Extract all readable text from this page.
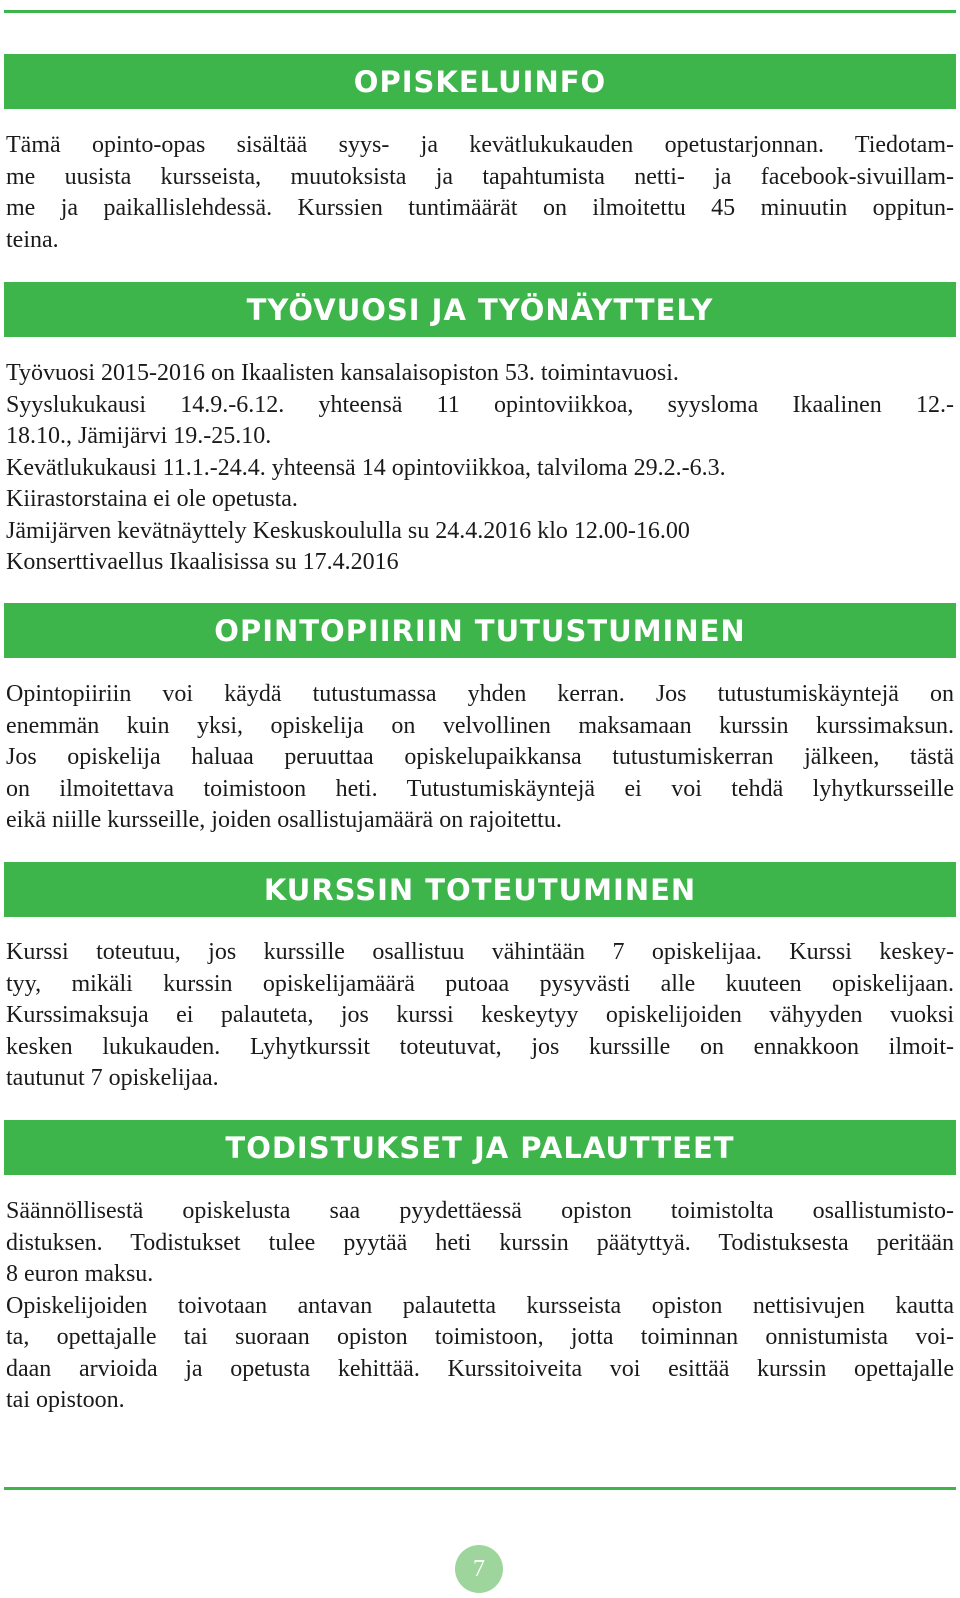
OPISKELUINFO
Tämä opinto-opas sisältää syys- ja kevätlukukauden opetustarjonnan. Tiedotam-
me uusista kursseista, muutoksista ja tapahtumista netti- ja facebook-sivuillam-
me ja paikallislehdessä. Kurssien tuntimäärät on ilmoitettu 45 minuutin oppitun-
teina.
TYÖVUOSI JA TYÖNÄYTTELY
Työvuosi 2015-2016 on Ikaalisten kansalaisopiston 53. toimintavuosi.
Syyslukukausi 14.9.-6.12. yhteensä 11 opintoviikkoa, syysloma Ikaalinen 12.-
18.10., Jämijärvi 19.-25.10.
Kevätlukukausi 11.1.-24.4. yhteensä 14 opintoviikkoa, talviloma 29.2.-6.3.
Kiirastorstaina ei ole opetusta.
Jämijärven kevätnäyttely Keskuskoululla su 24.4.2016 klo 12.00-16.00
Konserttivaellus Ikaalisissa su 17.4.2016
OPINTOPIIRIIN TUTUSTUMINEN
Opintopiiriin voi käydä tutustumassa yhden kerran. Jos tutustumiskäyntejä on
enemmän kuin yksi, opiskelija on velvollinen maksamaan kurssin kurssimaksun.
Jos opiskelija haluaa peruuttaa opiskelupaikkansa tutustumiskerran jälkeen, tästä
on ilmoitettava toimistoon heti. Tutustumiskäyntejä ei voi tehdä lyhytkursseille
eikä niille kursseille, joiden osallistujamäärä on rajoitettu.
KURSSIN TOTEUTUMINEN
Kurssi toteutuu, jos kurssille osallistuu vähintään 7 opiskelijaa. Kurssi keskey-
tyy, mikäli kurssin opiskelijamäärä putoaa pysyvästi alle kuuteen opiskelijaan.
Kurssimaksuja ei palauteta, jos kurssi keskeytyy opiskelijoiden vähyyden vuoksi
kesken lukukauden. Lyhytkurssit toteutuvat, jos kurssille on ennakkoon ilmoit-
tautunut 7 opiskelijaa.
TODISTUKSET JA PALAUTTEET
Säännöllisestä opiskelusta saa pyydettäessä opiston toimistolta osallistumisto-
distuksen. Todistukset tulee pyytää heti kurssin päätyttyä. Todistuksesta peritään
8 euron maksu.
Opiskelijoiden toivotaan antavan palautetta kursseista opiston nettisivujen kautta
ta, opettajalle tai suoraan opiston toimistoon, jotta toiminnan onnistumista voi-
daan arvioida ja opetusta kehittää. Kurssitoiveita voi esittää kurssin opettajalle
tai opistoon.
7
